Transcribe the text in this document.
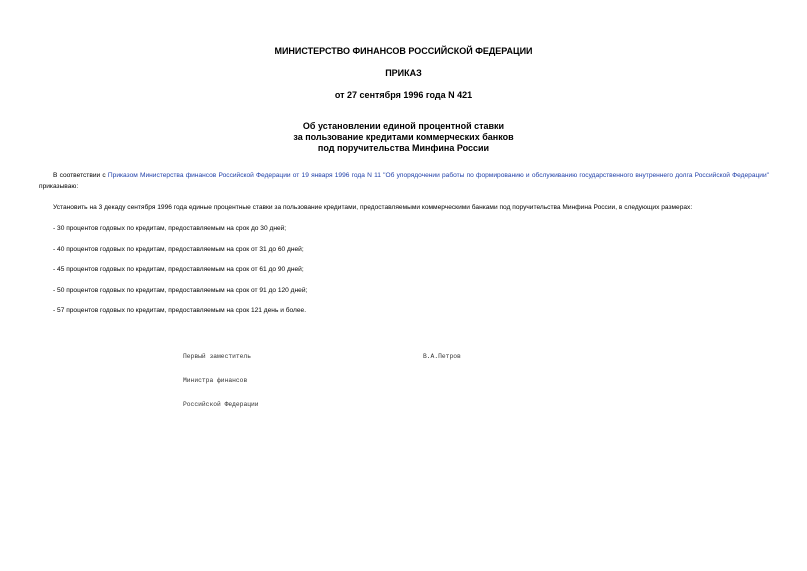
МИНИСТЕРСТВО ФИНАНСОВ РОССИЙСКОЙ ФЕДЕРАЦИИ
ПРИКАЗ
от 27 сентября 1996 года N 421
Об установлении единой процентной ставки
за пользование кредитами коммерческих банков
под поручительства Минфина России
В соответствии с Приказом Министерства финансов Российской Федерации от 19 января 1996 года N 11 "Об упорядочении работы по формированию и обслуживанию государственного внутреннего долга Российской Федерации" приказываю:
Установить на 3 декаду сентября 1996 года единые процентные ставки за пользование кредитами, предоставляемыми коммерческими банками под поручительства Минфина России, в следующих размерах:
- 30 процентов годовых по кредитам, предоставляемым на срок до 30 дней;
- 40 процентов годовых по кредитам, предоставляемым на срок от 31 до 60 дней;
- 45 процентов годовых по кредитам, предоставляемым на срок от 61 до 90 дней;
- 50 процентов годовых по кредитам, предоставляемым на срок от 91 до 120 дней;
- 57 процентов годовых по кредитам, предоставляемым на срок 121 день и более.

Первый заместитель

Министра финансов

Российской Федерации

В.А.Петров
